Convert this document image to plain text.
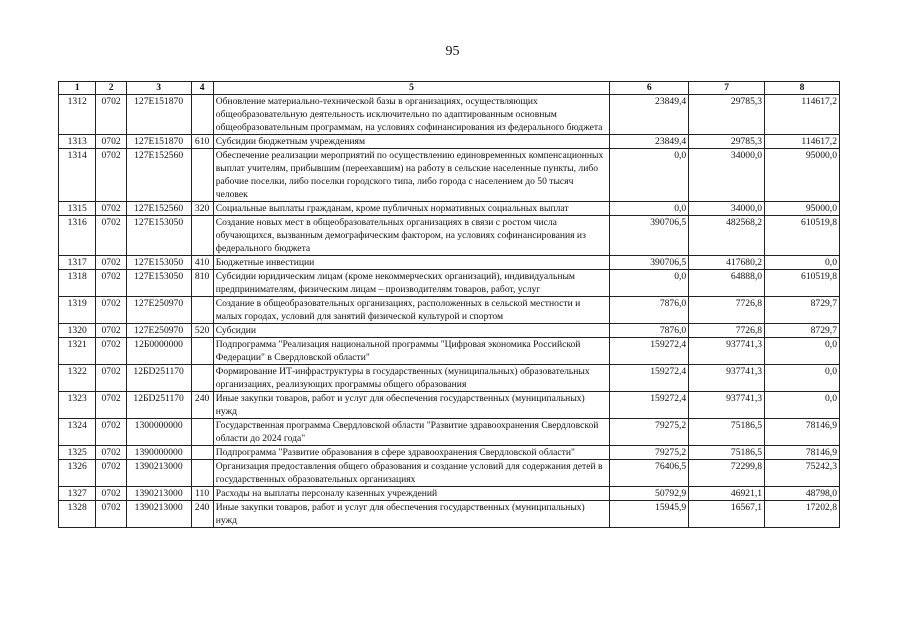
95
1	2	3	4	5	6	7	8
1312	0702	127E151870		Обновление материально-технической базы в организациях, осуществляющих общеобразовательную деятельность исключительно по адаптированным основным общеобразовательным программам, на условиях софинансирования из федерального бюджета	23849,4	29785,3	114617,2
1313	0702	127E151870	610	Субсидии бюджетным учреждениям	23849,4	29785,3	114617,2
1314	0702	127E152560		Обеспечение реализации мероприятий по осуществлению единовременных компенсационных выплат учителям, прибывшим (переехавшим) на работу в сельские населенные пункты, либо рабочие поселки, либо поселки городского типа, либо города с населением до 50 тысяч человек	0,0	34000,0	95000,0
1315	0702	127E152560	320	Социальные выплаты гражданам, кроме публичных нормативных социальных выплат	0,0	34000,0	95000,0
1316	0702	127E153050		Создание новых мест в общеобразовательных организациях в связи с ростом числа обучающихся, вызванным демографическим фактором, на условиях софинансирования из федерального бюджета	390706,5	482568,2	610519,8
1317	0702	127E153050	410	Бюджетные инвестиции	390706,5	417680,2	0,0
1318	0702	127E153050	810	Субсидии юридическим лицам (кроме некоммерческих организаций), индивидуальным предпринимателям, физическим лицам – производителям товаров, работ, услуг	0,0	64888,0	610519,8
1319	0702	127E250970		Создание в общеобразовательных организациях, расположенных в сельской местности и малых городах, условий для занятий физической культурой и спортом	7876,0	7726,8	8729,7
1320	0702	127E250970	520	Субсидии	7876,0	7726,8	8729,7
1321	0702	12Б0000000		Подпрограмма "Реализация национальной программы "Цифровая экономика Российской Федерации" в Свердловской области"	159272,4	937741,3	0,0
1322	0702	12БD251170		Формирование ИТ-инфраструктуры в государственных (муниципальных) образовательных организациях, реализующих программы общего образования	159272,4	937741,3	0,0
1323	0702	12БD251170	240	Иные закупки товаров, работ и услуг для обеспечения государственных (муниципальных) нужд	159272,4	937741,3	0,0
1324	0702	1300000000		Государственная программа Свердловской области "Развитие здравоохранения Свердловской области до 2024 года"	79275,2	75186,5	78146,9
1325	0702	1390000000		Подпрограмма "Развитие образования в сфере здравоохранения Свердловской области"	79275,2	75186,5	78146,9
1326	0702	1390213000		Организация предоставления общего образования и создание условий для содержания детей в государственных образовательных организациях	76406,5	72299,8	75242,3
1327	0702	1390213000	110	Расходы на выплаты персоналу казенных учреждений	50792,9	46921,1	48798,0
1328	0702	1390213000	240	Иные закупки товаров, работ и услуг для обеспечения государственных (муниципальных) нужд	15945,9	16567,1	17202,8
